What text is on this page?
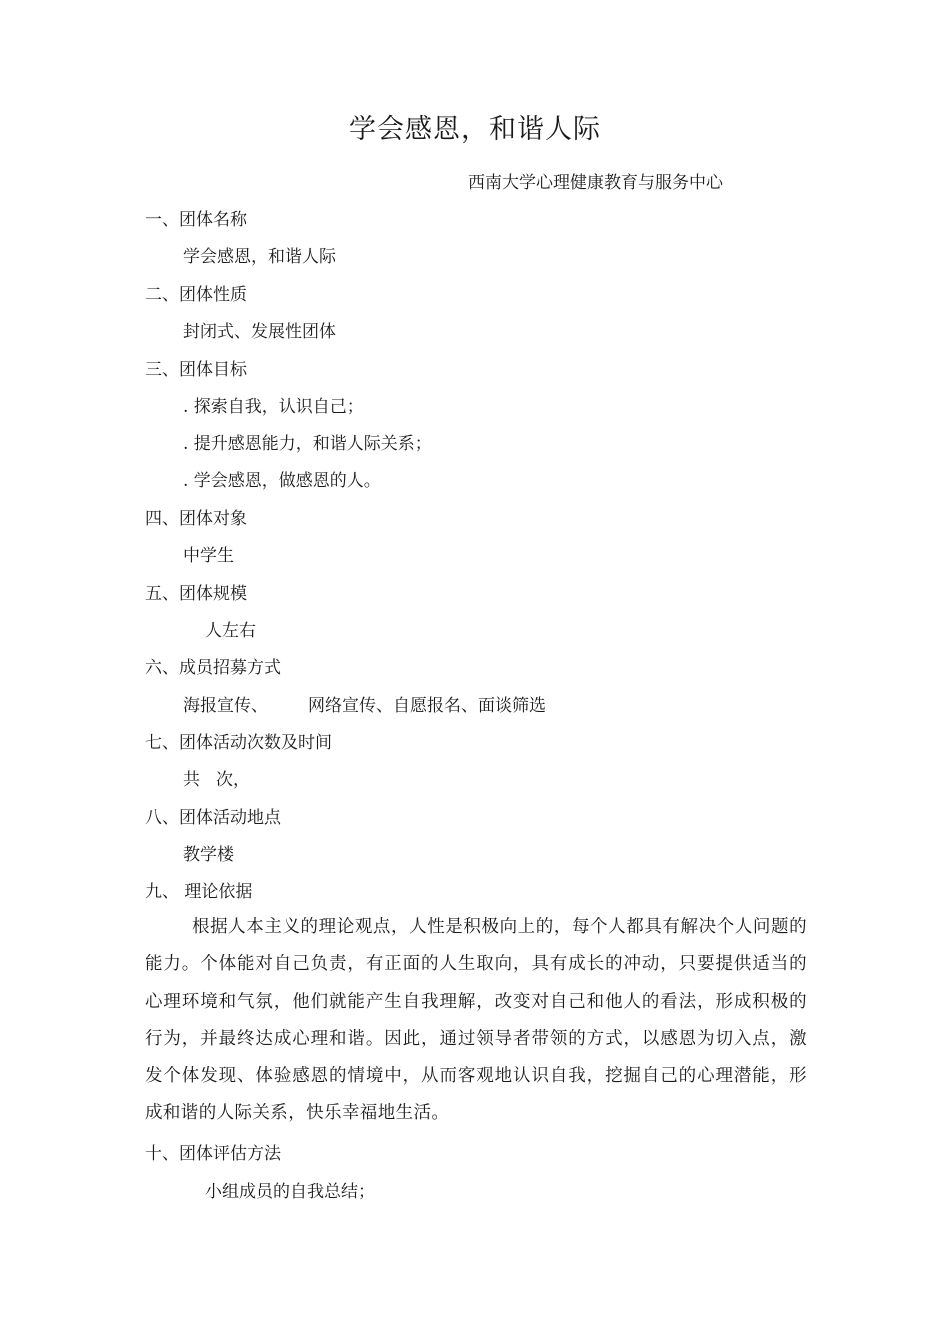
学会感恩，和谐人际
西南大学心理健康教育与服务中心
一、团体名称
学会感恩，和谐人际
二、团体性质
封闭式、发展性团体
三、团体目标
. 探索自我，认识自己；
. 提升感恩能力，和谐人际关系；
. 学会感恩，做感恩的人。
四、团体对象
中学生
五、团体规模
人左右
六、成员招募方式
海报宣传、 网络宣传、自愿报名、面谈筛选
七、团体活动次数及时间
共 次，
八、团体活动地点
教学楼
九、 理论依据
根据人本主义的理论观点，人性是积极向上的，每个人都具有解决个人问题的能力。个体能对自己负责，有正面的人生取向，具有成长的冲动，只要提供适当的心理环境和气氛，他们就能产生自我理解，改变对自己和他人的看法，形成积极的行为，并最终达成心理和谐。因此，通过领导者带领的方式，以感恩为切入点，激发个体发现、体验感恩的情境中，从而客观地认识自我，挖掘自己的心理潜能，形成和谐的人际关系，快乐幸福地生活。
十、团体评估方法
小组成员的自我总结；
